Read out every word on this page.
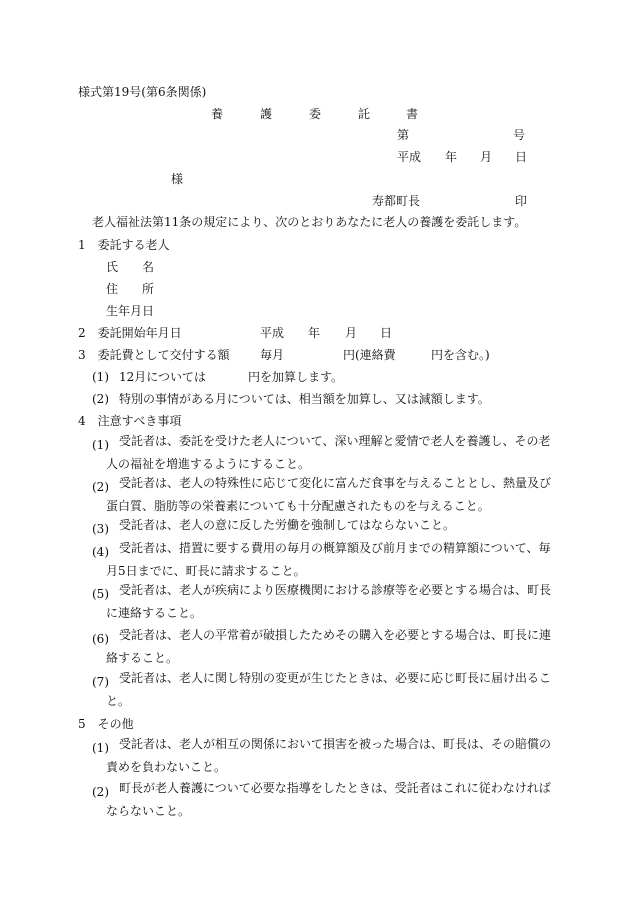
様式第19号(第6条関係)
養	護	委	託	書
第	号
平成 年 月 日
様
寿都町長	印
老人福祉法第11条の規定により、次のとおりあなたに老人の養護を委託します。
1　委託する老人
氏 名
住 所
生年月日
2　委託開始年月日	平成 年 月 日
3　委託費として交付する額	毎月	円(連絡費	円を含む。)
(1) 12月については	円を加算します。
(2) 特別の事情がある月については、相当額を加算し、又は減額します。
4　注意すべき事項
(1) 受託者は、委託を受けた老人について、深い理解と愛情で老人を養護し、その老人の福祉を増進するようにすること。
(2) 受託者は、老人の特殊性に応じて変化に富んだ食事を与えることとし、熱量及び蛋白質、脂肪等の栄養素についても十分配慮されたものを与えること。
(3) 受託者は、老人の意に反した労働を強制してはならないこと。
(4) 受託者は、措置に要する費用の毎月の概算額及び前月までの精算額について、毎月5日までに、町長に請求すること。
(5) 受託者は、老人が疾病により医療機関における診療等を必要とする場合は、町長に連絡すること。
(6) 受託者は、老人の平常着が破損したためその購入を必要とする場合は、町長に連絡すること。
(7) 受託者は、老人に関し特別の変更が生じたときは、必要に応じ町長に届け出ること。
5　その他
(1) 受託者は、老人が相互の関係において損害を被った場合は、町長は、その賠償の責めを負わないこと。
(2) 町長が老人養護について必要な指導をしたときは、受託者はこれに従わなければならないこと。
